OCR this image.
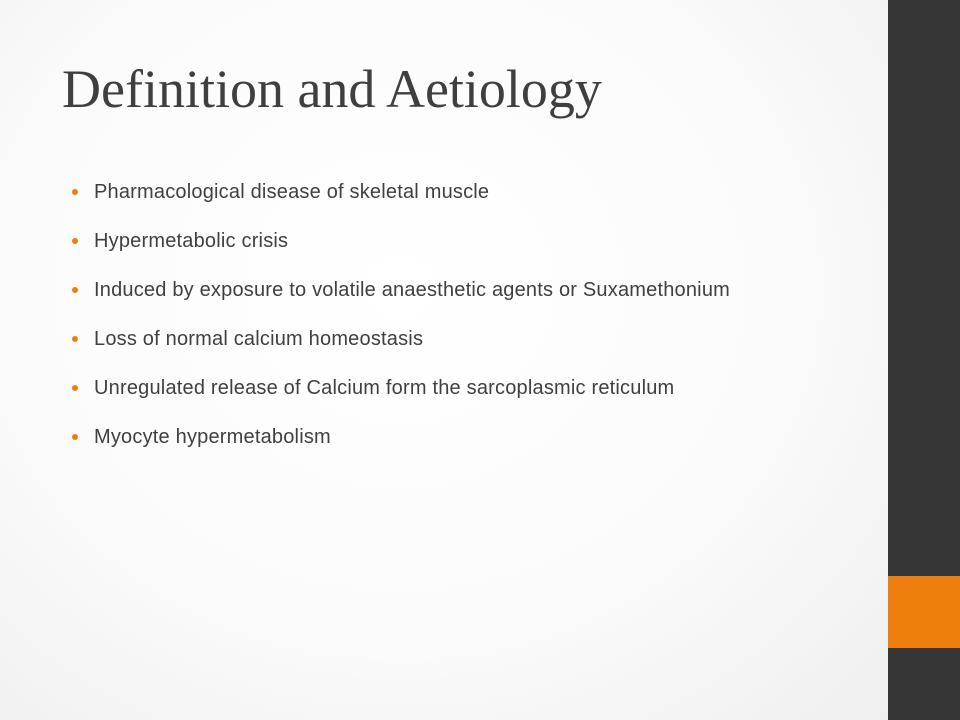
Definition and Aetiology
Pharmacological disease of skeletal muscle
Hypermetabolic crisis
Induced by exposure to volatile anaesthetic agents or Suxamethonium
Loss of normal calcium homeostasis
Unregulated release of Calcium form the sarcoplasmic reticulum
Myocyte hypermetabolism
